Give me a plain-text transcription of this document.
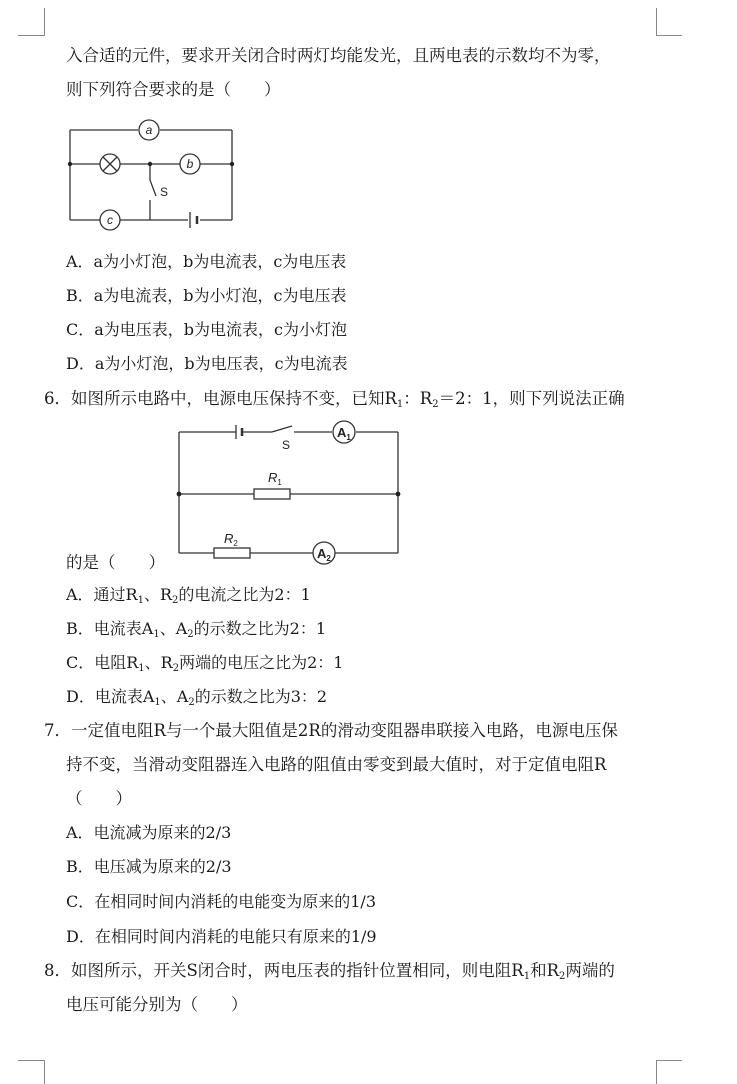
入合适的元件，要求开关闭合时两灯均能发光，且两电表的示数均不为零，
则下列符合要求的是（　　）
a
b
c
S
A．a为小灯泡，b为电流表，c为电压表
B．a为电流表，b为小灯泡，c为电压表
C．a为电压表，b为电流表，c为小灯泡
D．a为小灯泡，b为电压表，c为电流表
6．如图所示电路中，电源电压保持不变，已知$R_1$：$R_2=2$：1，则下列说法正确
S
$A_1$
$R_1$
$R_2$
$A_2$
的是（　　）
A．通过$R_1$、$R_2$的电流之比为2：1
B．电流表$A_1$、$A_2$的示数之比为2：1
C．电阻$R_1$、$R_2$两端的电压之比为2：1
D．电流表$A_1$、$A_2$的示数之比为3：2
7．一定值电阻R与一个最大阻值是2R的滑动变阻器串联接入电路，电源电压保
持不变，当滑动变阻器连入电路的阻值由零变到最大值时，对于定值电阻R
（　　）
A．电流减为原来的2/3
B．电压减为原来的2/3
C．在相同时间内消耗的电能变为原来的1/3
D．在相同时间内消耗的电能只有原来的1/9
8．如图所示，开关S闭合时，两电压表的指针位置相同，则电阻$R_1$和$R_2$两端的
电压可能分别为（　　）
